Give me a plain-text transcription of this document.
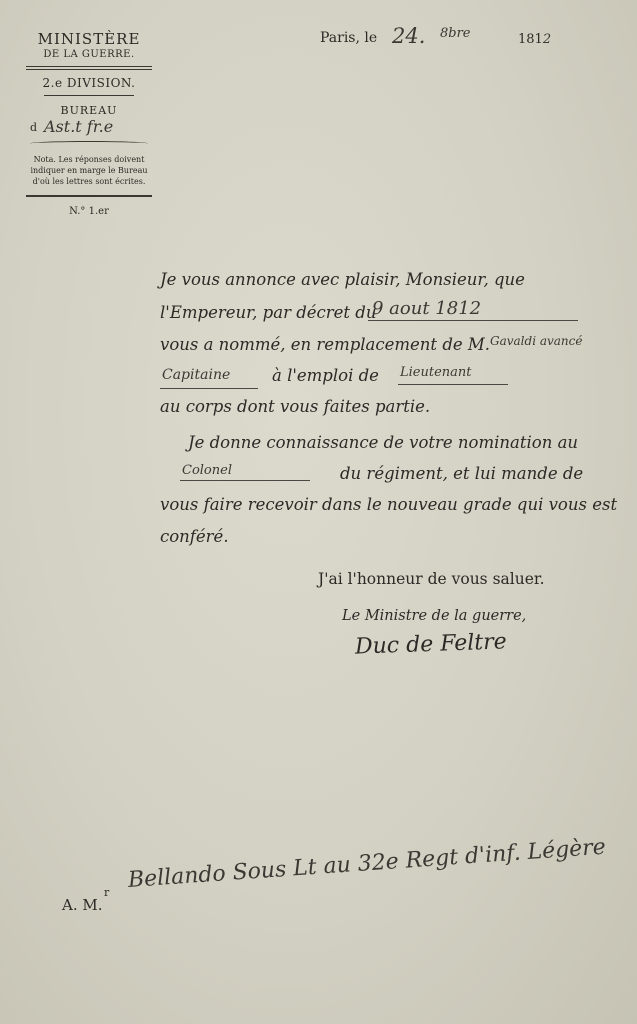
MINISTÈRE
DE LA GUERRE.
2.e DIVISION.
BUREAU
d Ast.t fr.e
Nota. Les réponses doivent indiquer en marge le Bureau d'où les lettres sont écrites.
N.° 1.er
Paris, le 24. 8bre	1812
Je vous annonce avec plaisir, Monsieur, que
l'Empereur, par décret du
9 aout 1812
vous a nommé, en remplacement de M. Gavaldi avancé
Capitaine	à l'emploi de Lieutenant
au corps dont vous faites partie.
Je donne connaissance de votre nomination au
Colonel	du régiment, et lui mande de
vous faire recevoir dans le nouveau grade qui vous est
conféré.
J'ai l'honneur de vous saluer.
Le Ministre de la guerre,
Duc de Feltre
A. M.
r Bellando Sous Lt au 32e Regt d'inf. Légère
